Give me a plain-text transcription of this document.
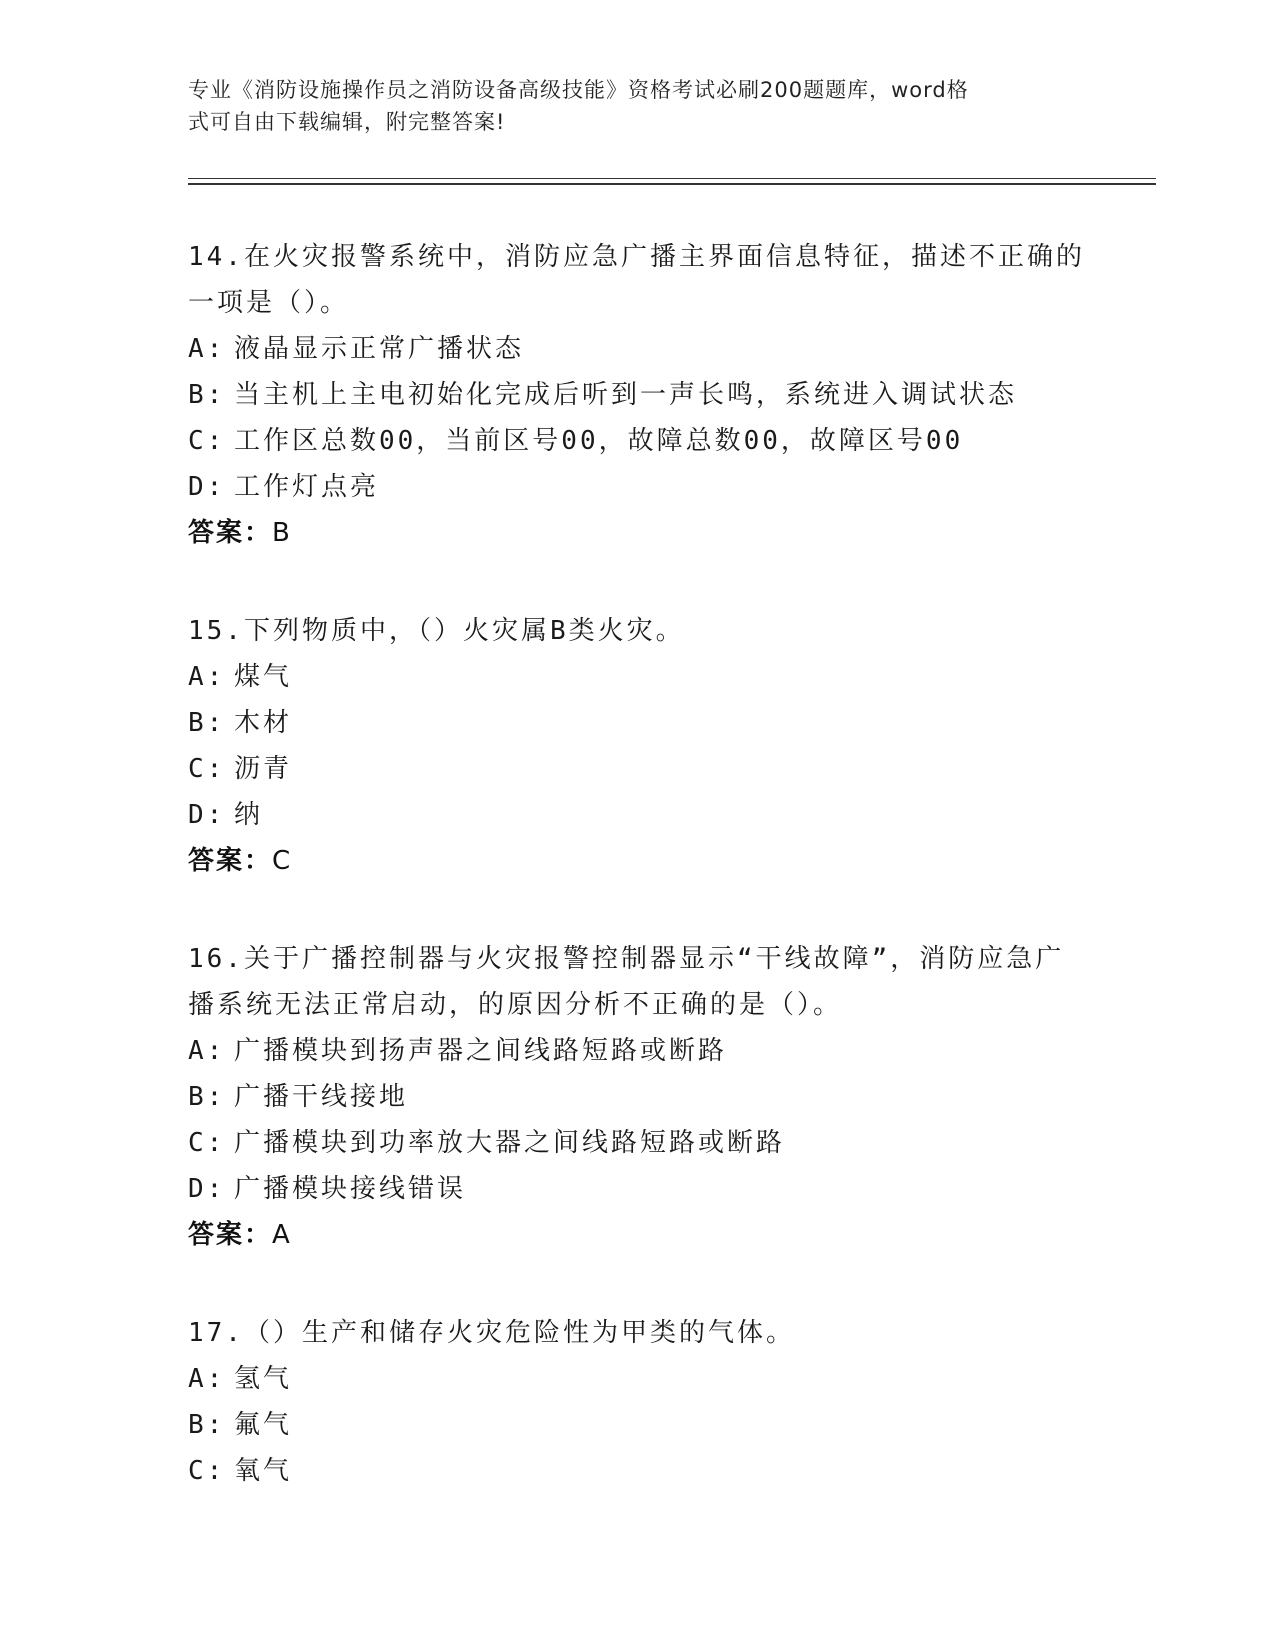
专业《消防设施操作员之消防设备高级技能》资格考试必刷200题题库，word格

式可自由下载编辑，附完整答案!

14.在火灾报警系统中，消防应急广播主界面信息特征，描述不正确的

一项是（）。

A: 液晶显示正常广播状态

B: 当主机上主电初始化完成后听到一声长鸣，系统进入调试状态

C: 工作区总数00，当前区号00，故障总数00，故障区号00

D: 工作灯点亮

答案：B

15.下列物质中，（）火灾属B类火灾。

A: 煤气

B: 木材

C: 沥青

D: 纳

答案：C

16.关于广播控制器与火灾报警控制器显示“干线故障”，消防应急广

播系统无法正常启动，的原因分析不正确的是（）。

A: 广播模块到扬声器之间线路短路或断路

B: 广播干线接地

C: 广播模块到功率放大器之间线路短路或断路

D: 广播模块接线错误

答案：A

17.（）生产和储存火灾危险性为甲类的气体。

A: 氢气

B: 氟气

C: 氧气
